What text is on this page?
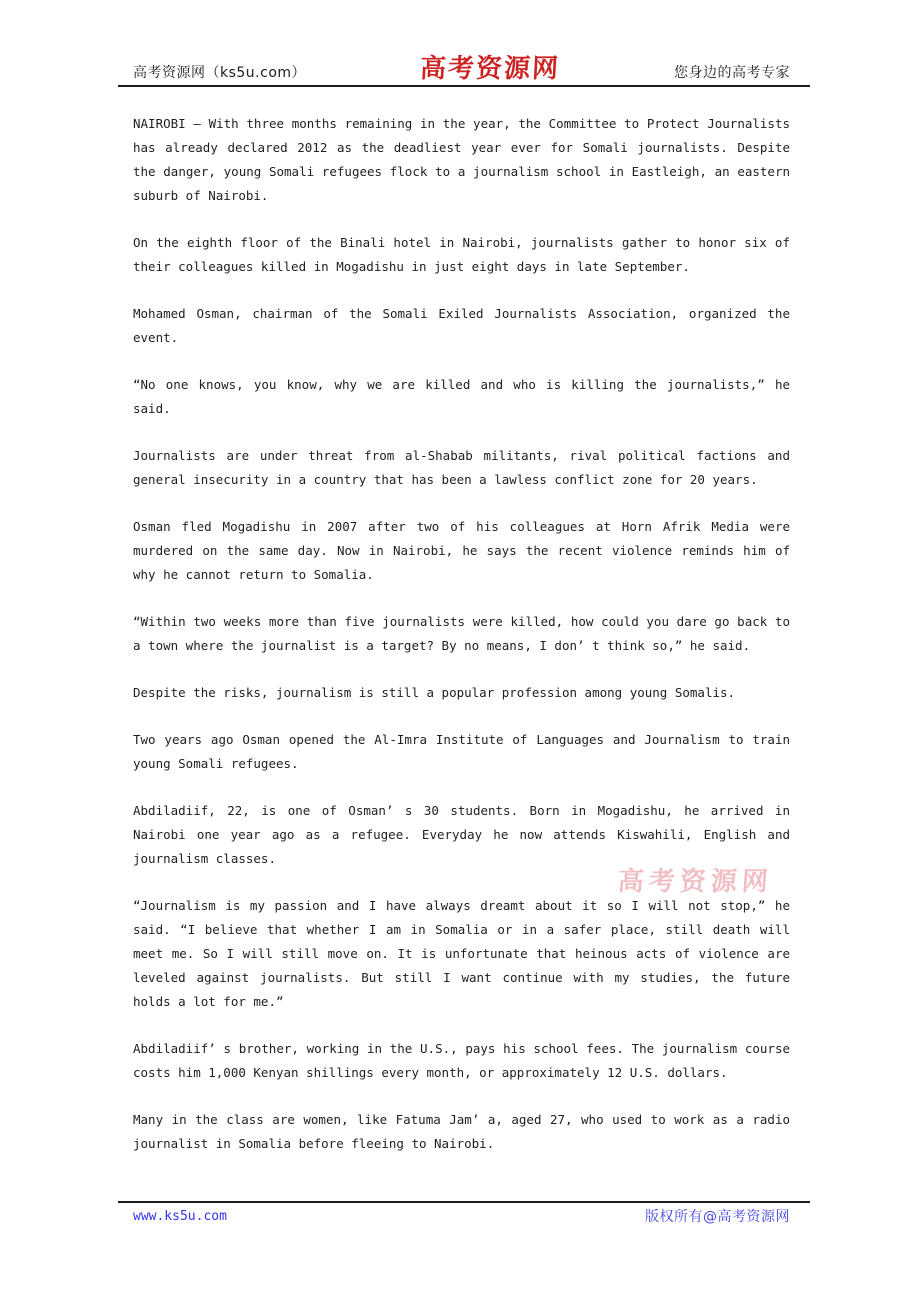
高考资源网（ks5u.com）	高考资源网	您身边的高考专家

NAIROBI — With three months remaining in the year, the Committee to Protect Journalists has already declared 2012 as the deadliest year ever for Somali journalists. Despite the danger, young Somali refugees flock to a journalism school in Eastleigh, an eastern suburb of Nairobi.

On the eighth floor of the Binali hotel in Nairobi, journalists gather to honor six of their colleagues killed in Mogadishu in just eight days in late September.

Mohamed Osman, chairman of the Somali Exiled Journalists Association, organized the event.

“No one knows, you know, why we are killed and who is killing the journalists,” he said.

Journalists are under threat from al-Shabab militants, rival political factions and general insecurity in a country that has been a lawless conflict zone for 20 years.

Osman fled Mogadishu in 2007 after two of his colleagues at Horn Afrik Media were murdered on the same day. Now in Nairobi, he says the recent violence reminds him of why he cannot return to Somalia.

“Within two weeks more than five journalists were killed, how could you dare go back to a town where the journalist is a target? By no means, I don’ t think so,” he said.

Despite the risks, journalism is still a popular profession among young Somalis.

Two years ago Osman opened the Al-Imra Institute of Languages and Journalism to train young Somali refugees.

Abdiladiif, 22, is one of Osman’ s 30 students. Born in Mogadishu, he arrived in Nairobi one year ago as a refugee. Everyday he now attends Kiswahili, English and journalism classes.

“Journalism is my passion and I have always dreamt about it so I will not stop,” he said. “I believe that whether I am in Somalia or in a safer place, still death will meet me. So I will still move on. It is unfortunate that heinous acts of violence are leveled against journalists. But still I want continue with my studies, the future holds a lot for me.”

Abdiladiif’ s brother, working in the U.S., pays his school fees. The journalism course costs him 1,000 Kenyan shillings every month, or approximately 12 U.S. dollars.

Many in the class are women, like Fatuma Jam’ a, aged 27, who used to work as a radio journalist in Somalia before fleeing to Nairobi.

高考资源网
www.ks5u.com	版权所有@高考资源网
